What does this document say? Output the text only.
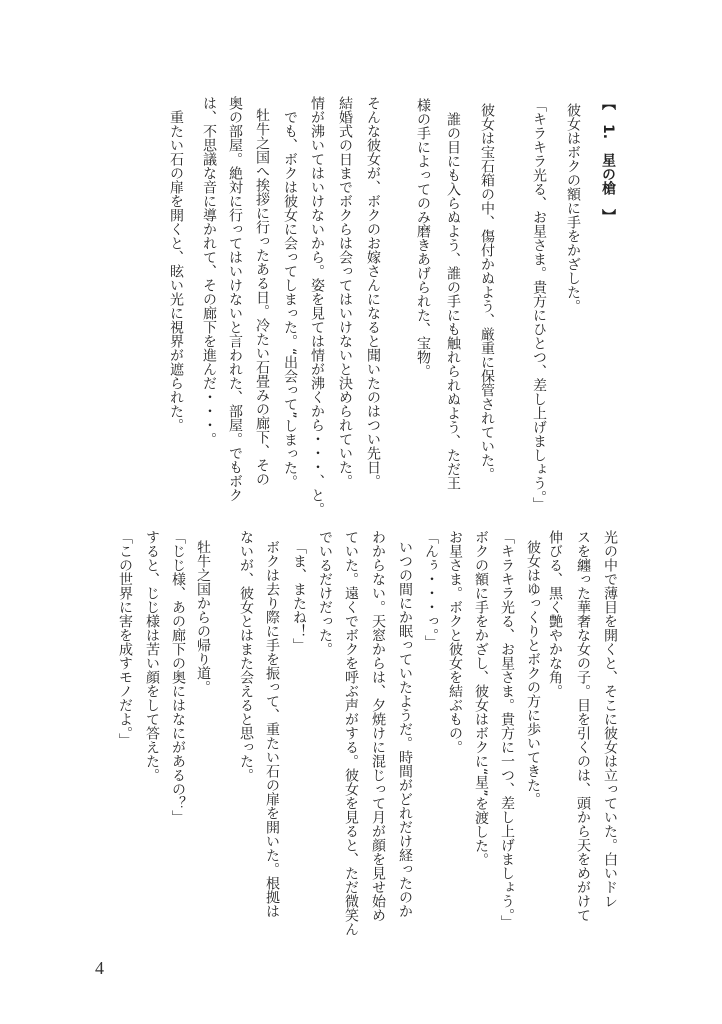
【　1.　星の槍　】
彼女はボクの額に手をかざした。
「キラキラ光る、お星さま。貴方にひとつ、差し上げましょう。」
彼女は宝石箱の中、傷付かぬよう、厳重に保管されていた。
誰の目にも入らぬよう、誰の手にも触れられぬよう、ただ王
様の手によってのみ磨きあげられた、宝物。
そんな彼女が、ボクのお嫁さんになると聞いたのはつい先日。
結婚式の日までボクらは会ってはいけないと決められていた。
情が沸いてはいけないから。姿を見ては情が沸くから・・・、と。
でも、ボクは彼女に会ってしまった。“出会って”しまった。
牡牛之国へ挨拶に行ったある日。冷たい石畳みの廊下、その
奥の部屋。絶対に行ってはいけないと言われた、部屋。でもボク
は、不思議な音に導かれて、その廊下を進んだ・・・。
重たい石の扉を開くと、眩い光に視界が遮られた。
光の中で薄目を開くと、そこに彼女は立っていた。白いドレ
スを纏った華奢な女の子。目を引くのは、頭から天をめがけて
伸びる、黒く艶やかな角。
彼女はゆっくりとボクの方に歩いてきた。
「キラキラ光る、お星さま。貴方に一つ、差し上げましょう。」
ボクの額に手をかざし、彼女はボクに“星”を渡した。
お星さま。ボクと彼女を結ぶもの。
「んぅ・・・っ。」
いつの間にか眠っていたようだ。時間がどれだけ経ったのか
わからない。天窓からは、夕焼けに混じって月が顔を見せ始め
ていた。遠くでボクを呼ぶ声がする。彼女を見ると、ただ微笑ん
でいるだけだった。
「ま、またね！」
ボクは去り際に手を振って、重たい石の扉を開いた。根拠は
ないが、彼女とはまた会えると思った。
牡牛之国からの帰り道。
「じじ様、あの廊下の奥にはなにがあるの？」
すると、じじ様は苦い顔をして答えた。
「この世界に害を成すモノだよ。」
4
